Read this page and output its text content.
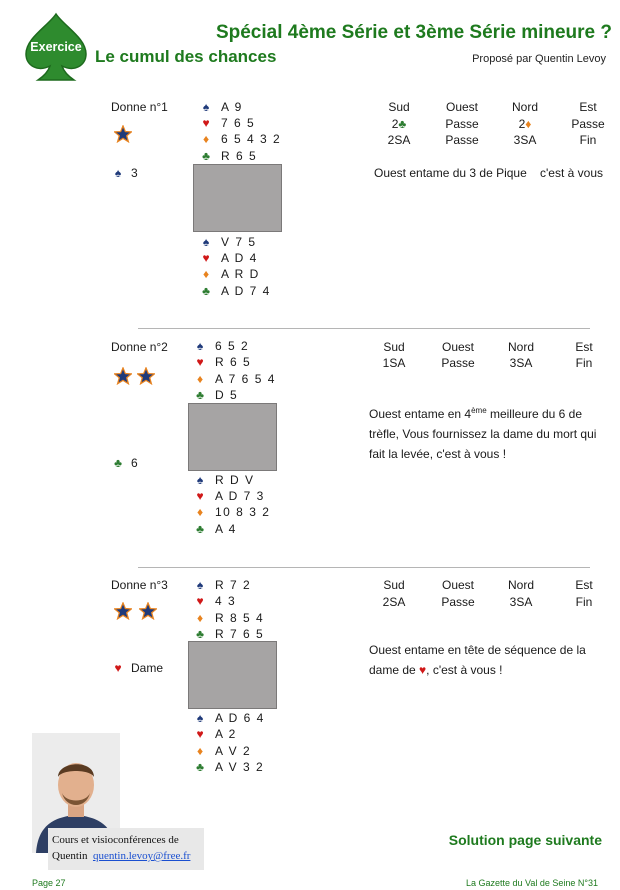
Exercice
Spécial 4ème Série et 3ème Série mineure ?
Le cumul des chances	Proposé par Quentin Levoy
Donne n°1	♠ A 9
♥ 7 6 5
♦ 6 5 4 3 2
♣ R 6 5
♠ 3
♠ V 7 5
♥ A D 4
♦ A R D
♣ A D 7 4
Sud	Ouest	Nord	Est
2♣	Passe	2♦	Passe
2SA	Passe	3SA	Fin
Ouest entame du 3 de Pique c'est à vous
Donne n°2	♠ 6 5 2
♥ R 6 5
♦ A 7 6 5 4
♣ D 5
♣ 6
♠ R D V
♥ A D 7 3
♦ 10 8 3 2
♣ A 4
Sud	Ouest	Nord	Est
1SA	Passe	3SA	Fin
Ouest entame en 4ème meilleure du 6 de
trèfle, Vous fournissez la dame du mort qui
fait la levée, c'est à vous !
Donne n°3	♠ R 7 2
♥ 4 3
♦ R 8 5 4
♣ R 7 6 5
♥ Dame
♠ A D 6 4
♥ A 2
♦ A V 2
♣ A V 3 2
Sud	Ouest	Nord	Est
2SA	Passe	3SA	Fin
Ouest entame en tête de séquence de la
dame de ♥, c'est à vous !
Cours et visioconférences de
Quentin quentin.levoy@free.fr
Solution page suivante
Page 27	La Gazette du Val de Seine N°31
